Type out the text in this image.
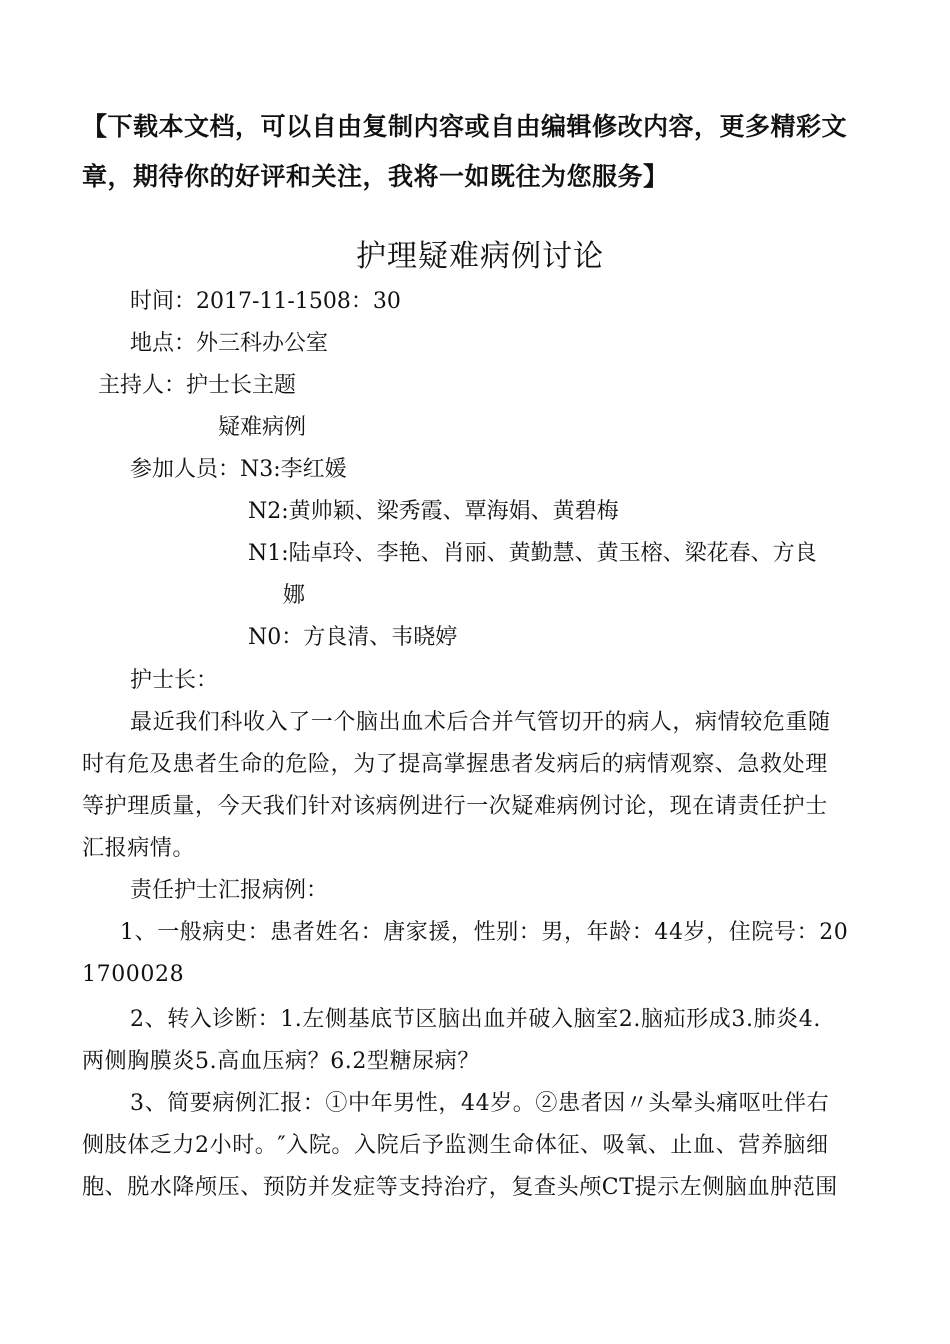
【下载本文档，可以自由复制内容或自由编辑修改内容，更多精彩文
章，期待你的好评和关注，我将一如既往为您服务】
护理疑难病例讨论
时间：2017-11-1508：30
地点：外三科办公室
主持人：护士长主题
疑难病例
参加人员：N3:李红媛
N2:黄帅颖、梁秀霞、覃海娟、黄碧梅
N1:陆卓玲、李艳、肖丽、黄勤慧、黄玉榕、梁花春、方良
娜
N0：方良清、韦晓婷
护士长：
最近我们科收入了一个脑出血术后合并气管切开的病人，病情较危重随
时有危及患者生命的危险，为了提高掌握患者发病后的病情观察、急救处理
等护理质量，今天我们针对该病例进行一次疑难病例讨论，现在请责任护士
汇报病情。
责任护士汇报病例：
1、一般病史：患者姓名：唐家援，性别：男，年龄：44岁，住院号：20
1700028
2、转入诊断：1.左侧基底节区脑出血并破入脑室2.脑疝形成3.肺炎4.
两侧胸膜炎5.高血压病？6.2型糖尿病？
3、简要病例汇报：①中年男性，44岁。②患者因〃头晕头痛呕吐伴右
侧肢体乏力2小时。″入院。入院后予监测生命体征、吸氧、止血、营养脑细
胞、脱水降颅压、预防并发症等支持治疗，复查头颅CT提示左侧脑血肿范围
